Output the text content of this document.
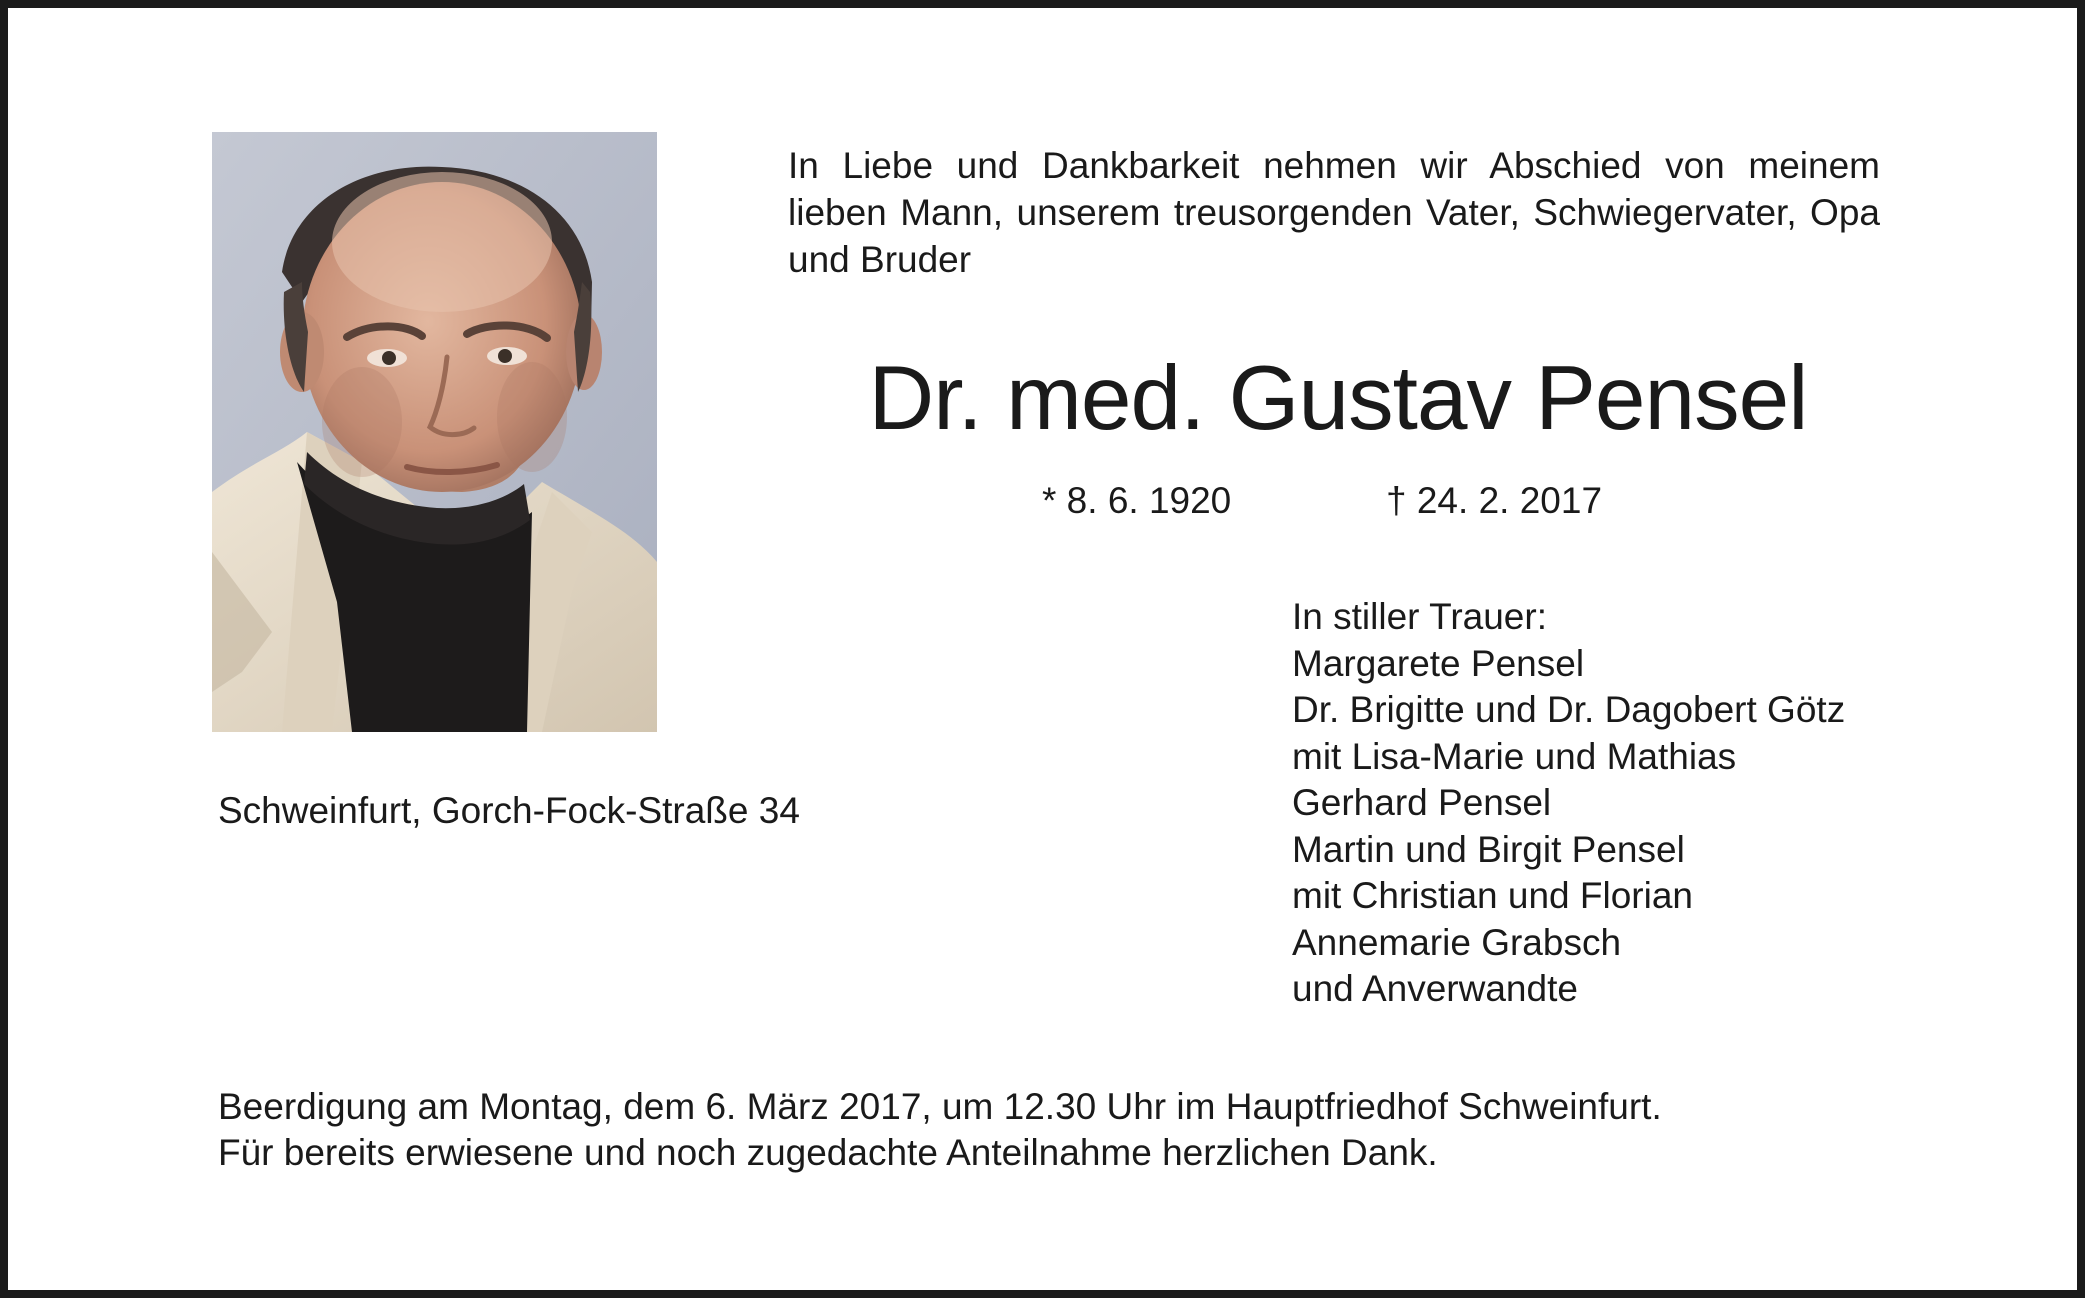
In Liebe und Dankbarkeit nehmen wir Abschied von meinem lieben Mann, unserem treusorgenden Vater, Schwiegervater, Opa und Bruder

Dr. med. Gustav Pensel
* 8. 6. 1920	† 24. 2. 2017
Schweinfurt, Gorch-Fock-Straße 34
In stiller Trauer:
Margarete Pensel
Dr. Brigitte und Dr. Dagobert Götz
mit Lisa-Marie und Mathias
Gerhard Pensel
Martin und Birgit Pensel
mit Christian und Florian
Annemarie Grabsch
und Anverwandte
Beerdigung am Montag, dem 6. März 2017, um 12.30 Uhr im Hauptfriedhof Schweinfurt.
Für bereits erwiesene und noch zugedachte Anteilnahme herzlichen Dank.
